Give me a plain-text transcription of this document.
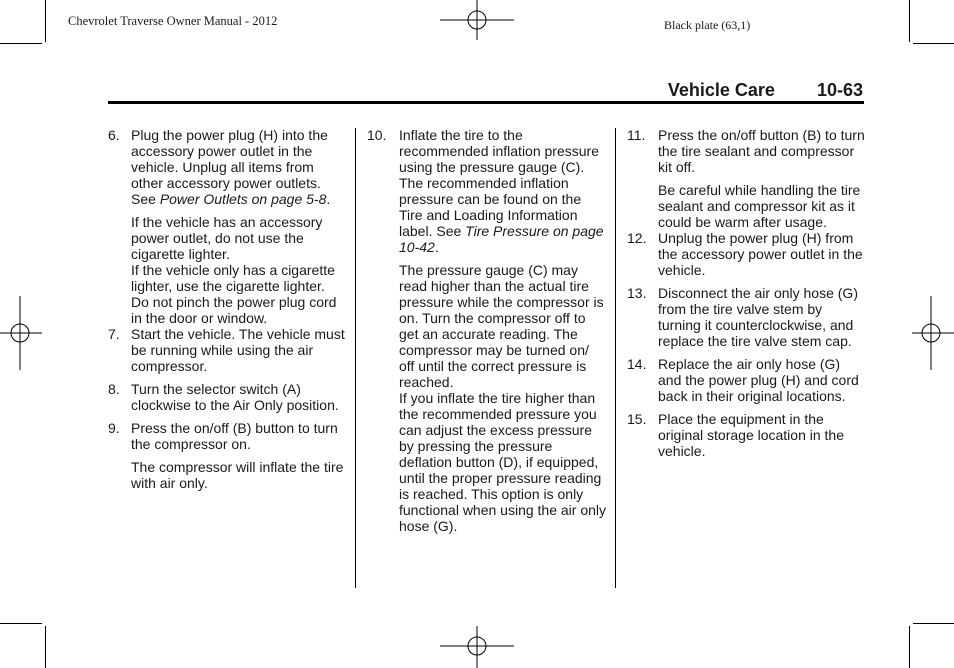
Chevrolet Traverse Owner Manual - 2012	Black plate (63,1)
Vehicle Care 10-63
6. Plug the power plug (H) into the accessory power outlet in the vehicle. Unplug all items from other accessory power outlets. See Power Outlets on page 5-8.

If the vehicle has an accessory power outlet, do not use the cigarette lighter.

If the vehicle only has a cigarette lighter, use the cigarette lighter.

Do not pinch the power plug cord in the door or window.

7. Start the vehicle. The vehicle must be running while using the air compressor.
8. Turn the selector switch (A) clockwise to the Air Only position.
9. Press the on/off (B) button to turn the compressor on.

The compressor will inflate the tire with air only.

10. Inflate the tire to the recommended inflation pressure using the pressure gauge (C). The recommended inflation pressure can be found on the Tire and Loading Information label. See Tire Pressure on page 10-42.

The pressure gauge (C) may read higher than the actual tire pressure while the compressor is on. Turn the compressor off to get an accurate reading. The compressor may be turned on/ off until the correct pressure is reached.

If you inflate the tire higher than the recommended pressure you can adjust the excess pressure by pressing the pressure deflation button (D), if equipped, until the proper pressure reading is reached. This option is only functional when using the air only hose (G).

11. Press the on/off button (B) to turn the tire sealant and compressor kit off.

Be careful while handling the tire sealant and compressor kit as it could be warm after usage.

12. Unplug the power plug (H) from the accessory power outlet in the vehicle.
13. Disconnect the air only hose (G) from the tire valve stem by turning it counterclockwise, and replace the tire valve stem cap.
14. Replace the air only hose (G) and the power plug (H) and cord back in their original locations.
15. Place the equipment in the original storage location in the vehicle.
